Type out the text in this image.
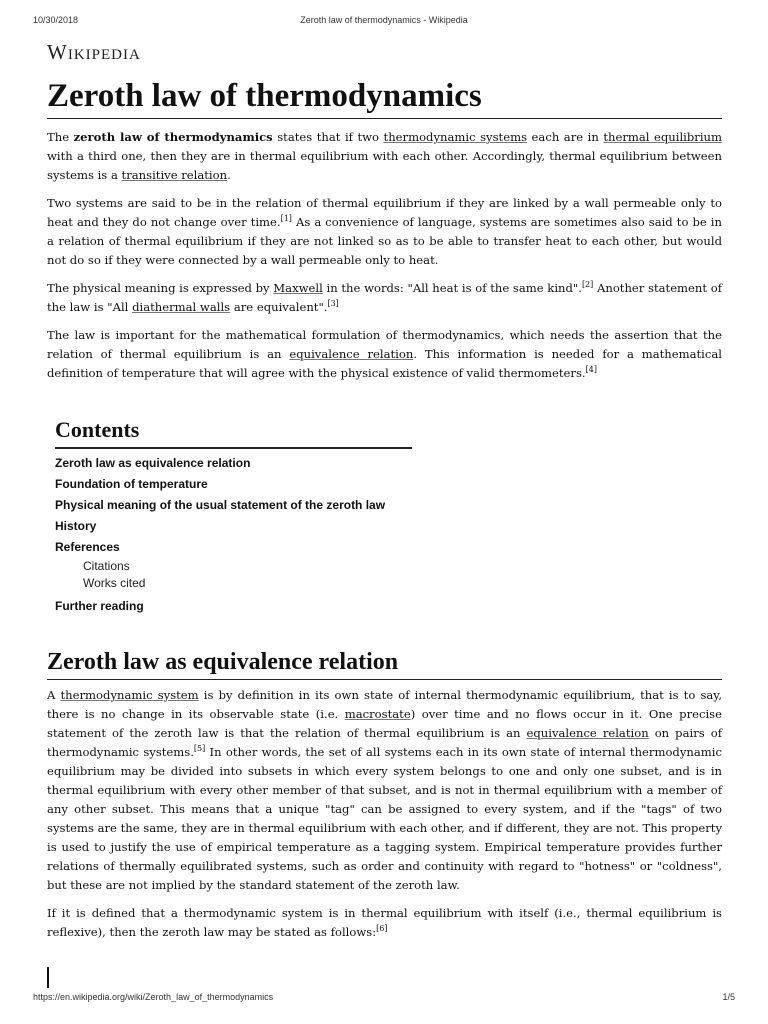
10/30/2018	Zeroth law of thermodynamics - Wikipedia
Wikipedia
Zeroth law of thermodynamics

The zeroth law of thermodynamics states that if two thermodynamic systems each are in thermal equilibrium with a third one, then they are in thermal equilibrium with each other. Accordingly, thermal equilibrium between systems is a transitive relation.

Two systems are said to be in the relation of thermal equilibrium if they are linked by a wall permeable only to heat and they do not change over time.[1] As a convenience of language, systems are sometimes also said to be in a relation of thermal equilibrium if they are not linked so as to be able to transfer heat to each other, but would not do so if they were connected by a wall permeable only to heat.

The physical meaning is expressed by Maxwell in the words: "All heat is of the same kind".[2] Another statement of the law is "All diathermal walls are equivalent".[3]

The law is important for the mathematical formulation of thermodynamics, which needs the assertion that the relation of thermal equilibrium is an equivalence relation. This information is needed for a mathematical definition of temperature that will agree with the physical existence of valid thermometers.[4]

Contents
Zeroth law as equivalence relation
Foundation of temperature
Physical meaning of the usual statement of the zeroth law
History
References
Citations
Works cited
Further reading
Zeroth law as equivalence relation

A thermodynamic system is by definition in its own state of internal thermodynamic equilibrium, that is to say, there is no change in its observable state (i.e. macrostate) over time and no flows occur in it. One precise statement of the zeroth law is that the relation of thermal equilibrium is an equivalence relation on pairs of thermodynamic systems.[5] In other words, the set of all systems each in its own state of internal thermodynamic equilibrium may be divided into subsets in which every system belongs to one and only one subset, and is in thermal equilibrium with every other member of that subset, and is not in thermal equilibrium with a member of any other subset. This means that a unique "tag" can be assigned to every system, and if the "tags" of two systems are the same, they are in thermal equilibrium with each other, and if different, they are not. This property is used to justify the use of empirical temperature as a tagging system. Empirical temperature provides further relations of thermally equilibrated systems, such as order and continuity with regard to "hotness" or "coldness", but these are not implied by the standard statement of the zeroth law.

If it is defined that a thermodynamic system is in thermal equilibrium with itself (i.e., thermal equilibrium is reflexive), then the zeroth law may be stated as follows:[6]

https://en.wikipedia.org/wiki/Zeroth_law_of_thermodynamics	1/5
